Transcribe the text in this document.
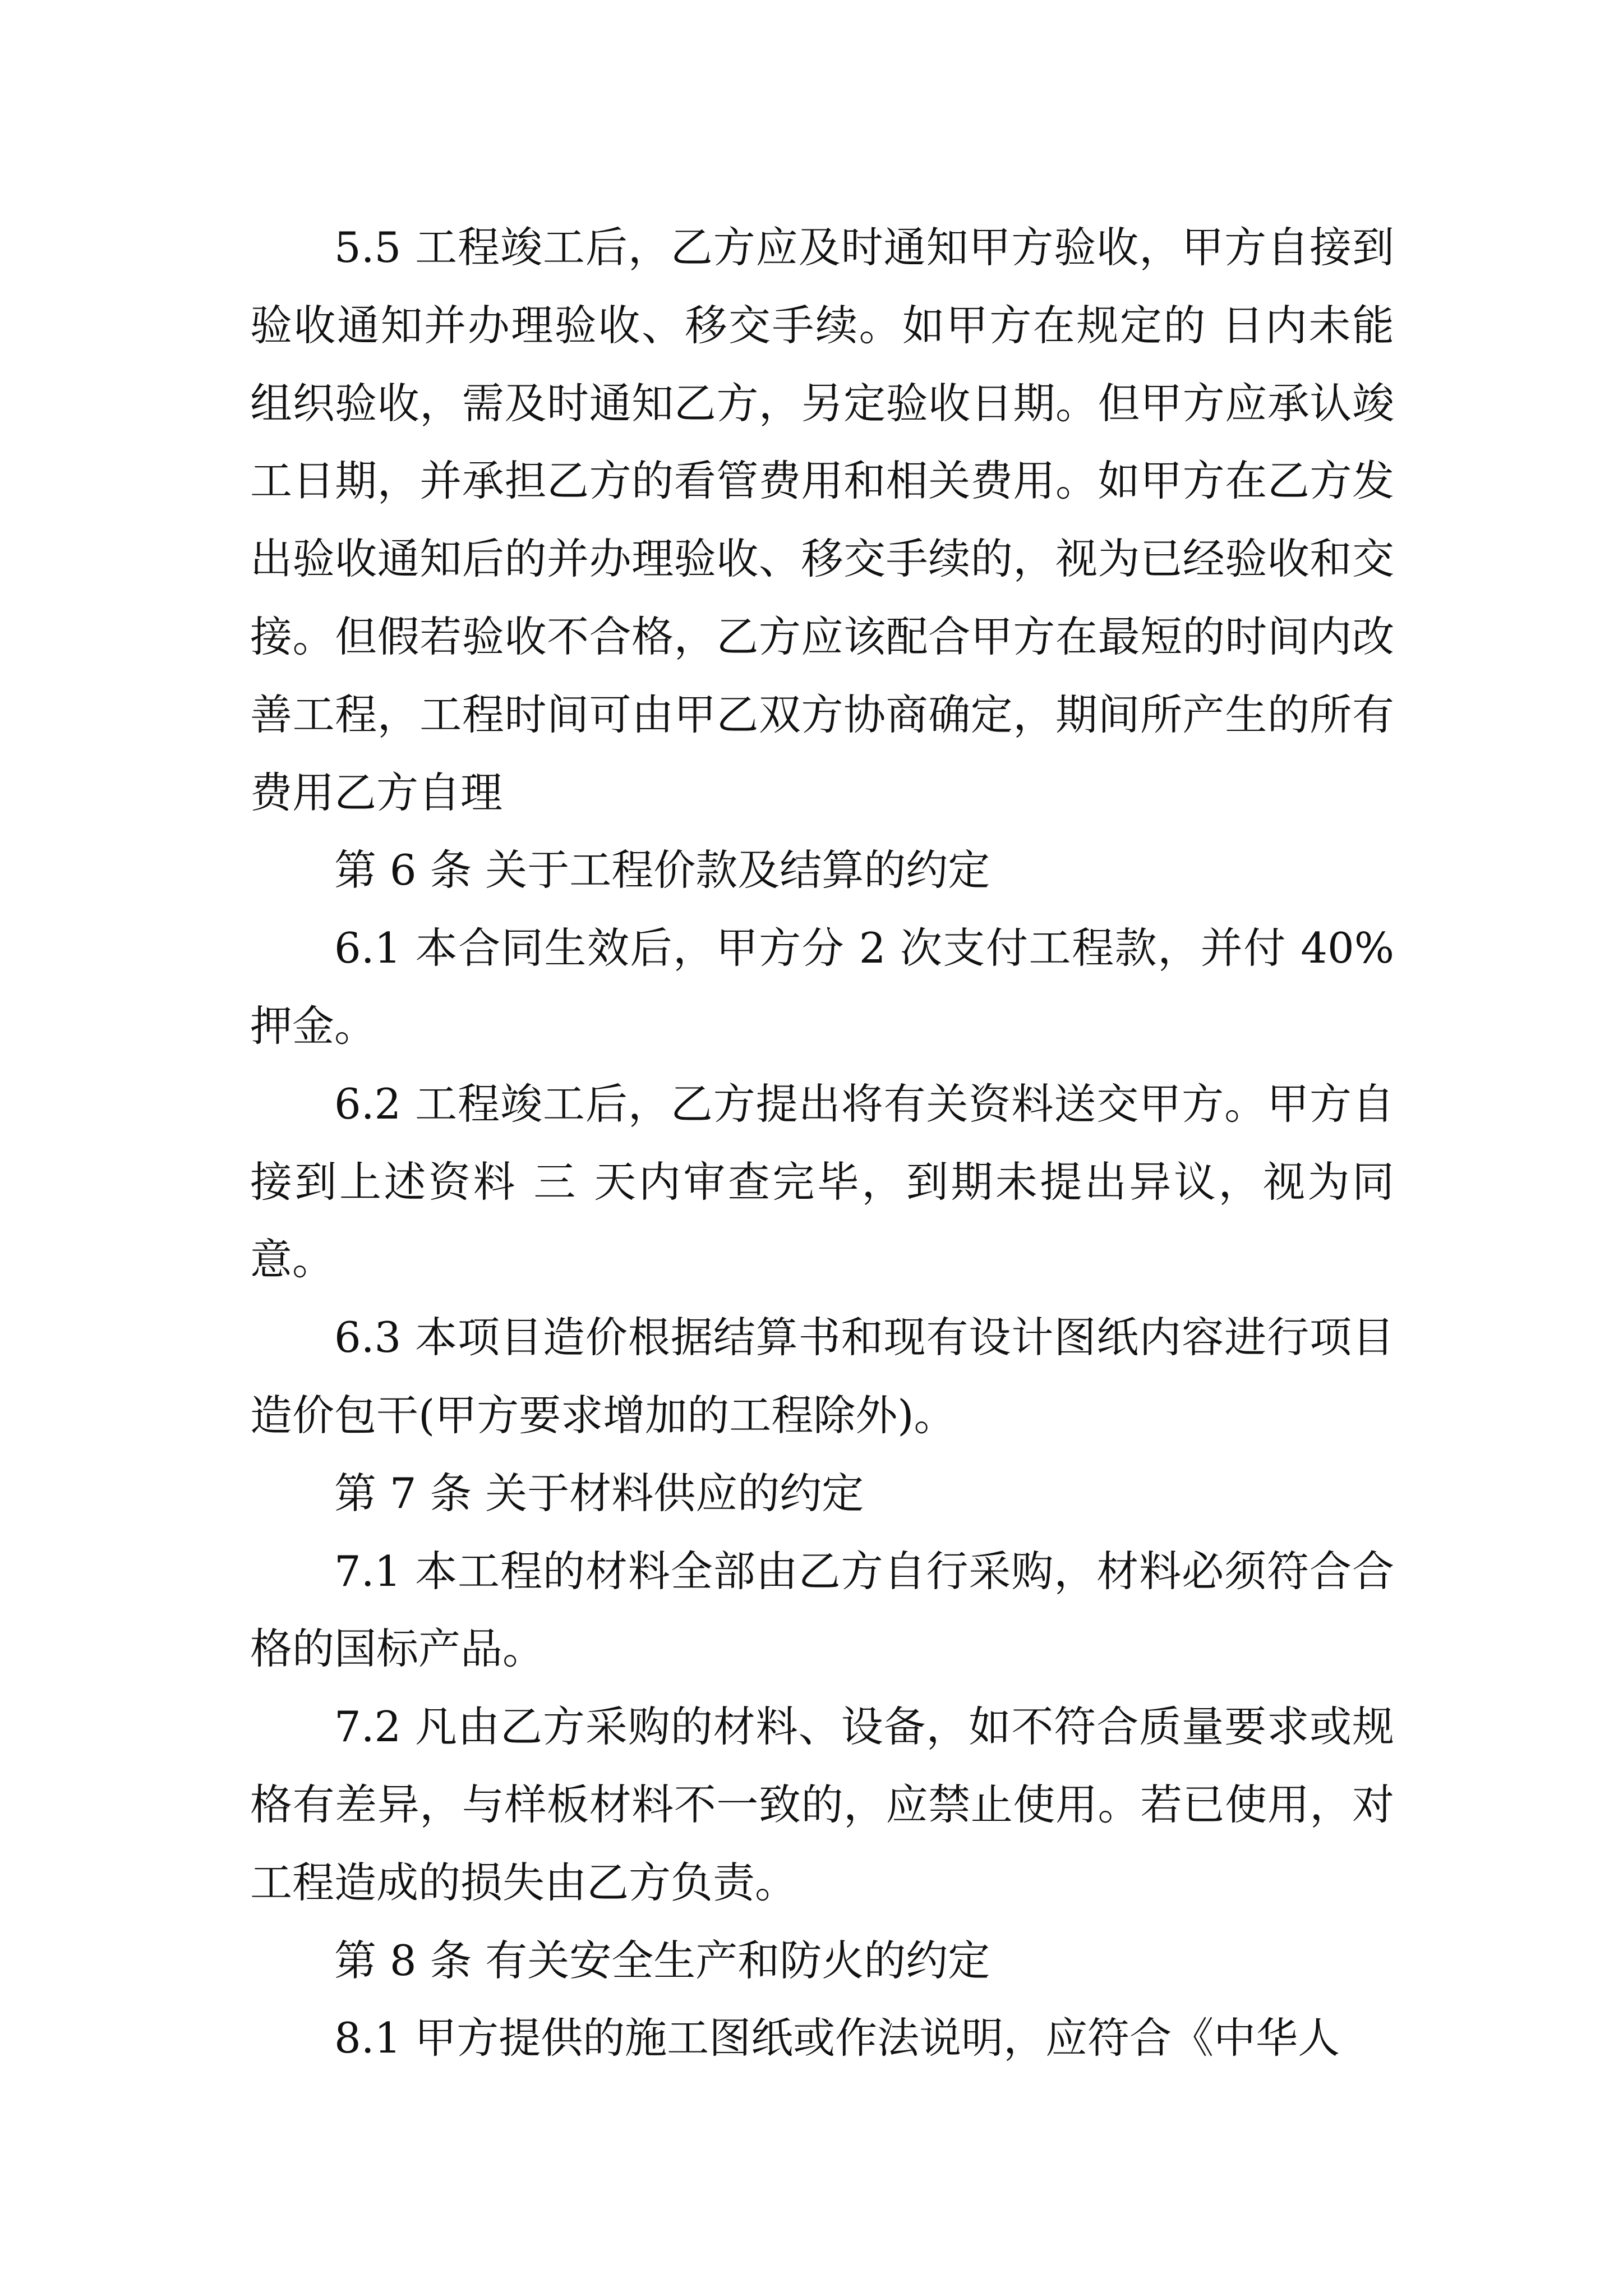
5.5 工程竣工后，乙方应及时通知甲方验收，甲方自接到验收通知并办理验收、移交手续。如甲方在规定的 日内未能组织验收，需及时通知乙方，另定验收日期。但甲方应承认竣工日期，并承担乙方的看管费用和相关费用。如甲方在乙方发出验收通知后的并办理验收、移交手续的，视为已经验收和交接。但假若验收不合格，乙方应该配合甲方在最短的时间内改善工程，工程时间可由甲乙双方协商确定，期间所产生的所有费用乙方自理

第 6 条 关于工程价款及结算的约定

6.1 本合同生效后，甲方分 2 次支付工程款，并付 40%押金。

6.2 工程竣工后，乙方提出将有关资料送交甲方。甲方自接到上述资料 三 天内审查完毕，到期未提出异议，视为同意。

6.3 本项目造价根据结算书和现有设计图纸内容进行项目造价包干(甲方要求增加的工程除外)。

第 7 条 关于材料供应的约定

7.1 本工程的材料全部由乙方自行采购，材料必须符合合格的国标产品。

7.2 凡由乙方采购的材料、设备，如不符合质量要求或规格有差异，与样板材料不一致的，应禁止使用。若已使用，对工程造成的损失由乙方负责。

第 8 条 有关安全生产和防火的约定

8.1 甲方提供的施工图纸或作法说明，应符合《中华人
